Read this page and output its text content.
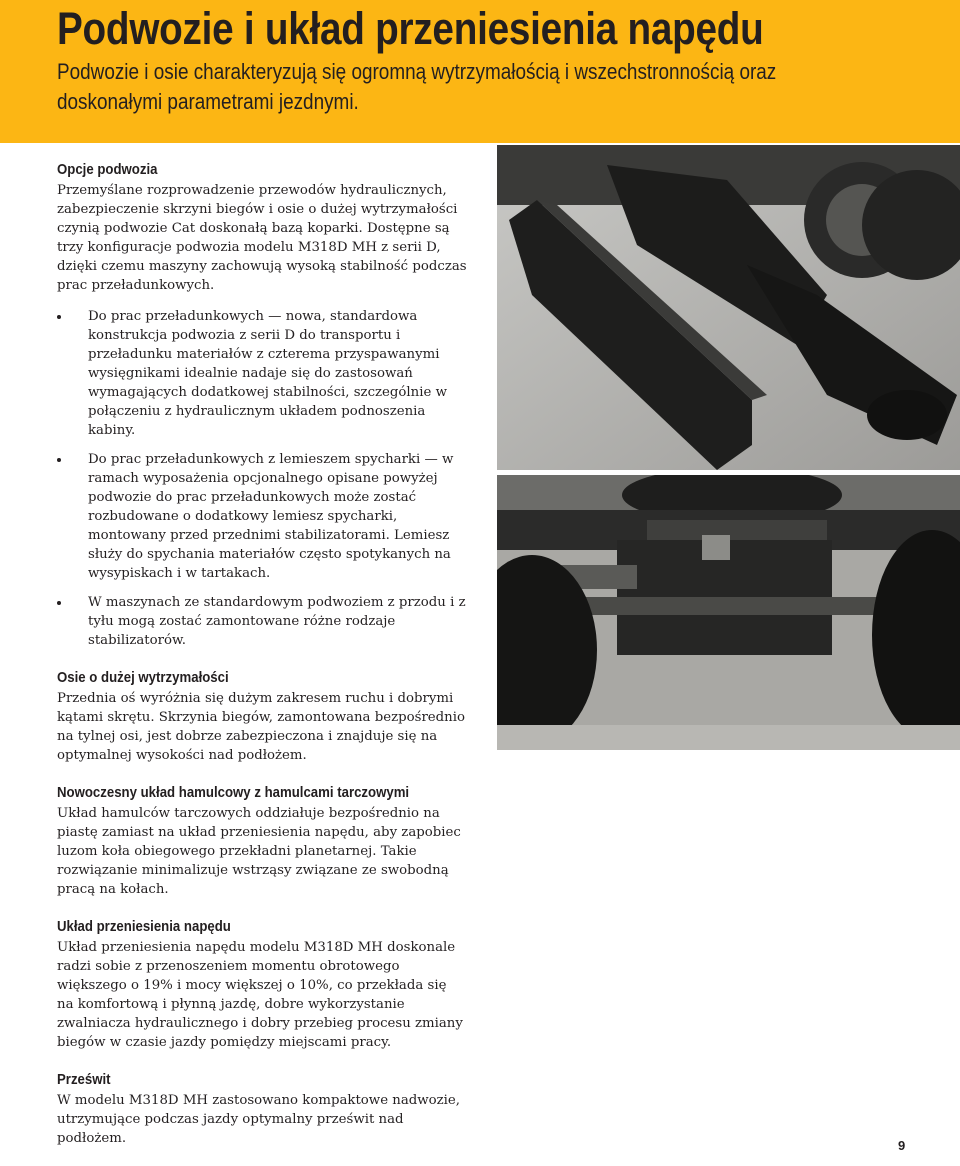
Podwozie i układ przeniesienia napędu

Podwozie i osie charakteryzują się ogromną wytrzymałością i wszechstronnością oraz doskonałymi parametrami jezdnymi.

Opcje podwozia

Przemyślane rozprowadzenie przewodów hydraulicznych, zabezpieczenie skrzyni biegów i osie o dużej wytrzymałości czynią podwozie Cat doskonałą bazą koparki. Dostępne są trzy konfiguracje podwozia modelu M318D MH z serii D, dzięki czemu maszyny zachowują wysoką stabilność podczas prac przeładunkowych.

Do prac przeładunkowych — nowa, standardowa konstrukcja podwozia z serii D do transportu i przeładunku materiałów z czterema przyspawanymi wysięgnikami idealnie nadaje się do zastosowań wymagających dodatkowej stabilności, szczególnie w połączeniu z hydraulicznym układem podnoszenia kabiny.
Do prac przeładunkowych z lemieszem spycharki — w ramach wyposażenia opcjonalnego opisane powyżej podwozie do prac przeładunkowych może zostać rozbudowane o dodatkowy lemiesz spycharki, montowany przed przednimi stabilizatorami. Lemiesz służy do spychania materiałów często spotykanych na wysypiskach i w tartakach.
W maszynach ze standardowym podwoziem z przodu i z tyłu mogą zostać zamontowane różne rodzaje stabilizatorów.
Osie o dużej wytrzymałości

Przednia oś wyróżnia się dużym zakresem ruchu i dobrymi kątami skrętu. Skrzynia biegów, zamontowana bezpośrednio na tylnej osi, jest dobrze zabezpieczona i znajduje się na optymalnej wysokości nad podłożem.

Nowoczesny układ hamulcowy z hamulcami tarczowymi

Układ hamulców tarczowych oddziałuje bezpośrednio na piastę zamiast na układ przeniesienia napędu, aby zapobiec luzom koła obiegowego przekładni planetarnej. Takie rozwiązanie minimalizuje wstrząsy związane ze swobodną pracą na kołach.

Układ przeniesienia napędu

Układ przeniesienia napędu modelu M318D MH doskonale radzi sobie z przenoszeniem momentu obrotowego większego o 19% i mocy większej o 10%, co przekłada się na komfortową i płynną jazdę, dobre wykorzystanie zwalniacza hydraulicznego i dobry przebieg procesu zmiany biegów w czasie jazdy pomiędzy miejscami pracy.

Prześwit

W modelu M318D MH zastosowano kompaktowe nadwozie, utrzymujące podczas jazdy optymalny prześwit nad podłożem.	9
